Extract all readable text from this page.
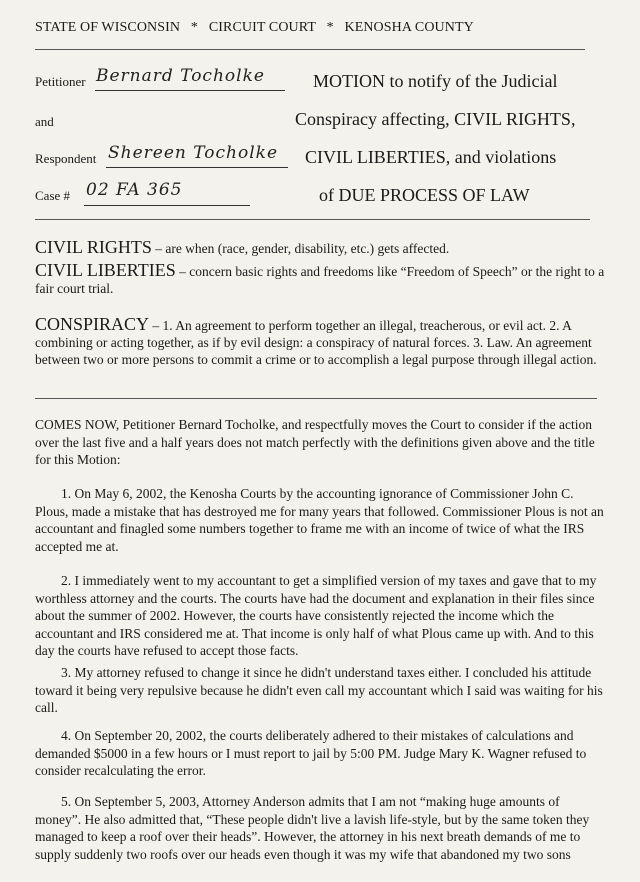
STATE OF WISCONSIN * CIRCUIT COURT * KENOSHA COUNTY
Petitioner Bernard Tocholke
and
Respondent Shereen Tocholke
Case # 02 FA 365
MOTION to notify of the Judicial
Conspiracy affecting, CIVIL RIGHTS,
CIVIL LIBERTIES, and violations
of DUE PROCESS OF LAW
CIVIL RIGHTS – are when (race, gender, disability, etc.) gets affected.
CIVIL LIBERTIES – concern basic rights and freedoms like “Freedom of Speech” or the right to a fair court trial.
CONSPIRACY – 1. An agreement to perform together an illegal, treacherous, or evil act. 2. A combining or acting together, as if by evil design: a conspiracy of natural forces. 3. Law. An agreement between two or more persons to commit a crime or to accomplish a legal purpose through illegal action.
COMES NOW, Petitioner Bernard Tocholke, and respectfully moves the Court to consider if the action over the last five and a half years does not match perfectly with the definitions given above and the title for this Motion:
1. On May 6, 2002, the Kenosha Courts by the accounting ignorance of Commissioner John C. Plous, made a mistake that has destroyed me for many years that followed. Commissioner Plous is not an accountant and finagled some numbers together to frame me with an income of twice of what the IRS accepted me at.
2. I immediately went to my accountant to get a simplified version of my taxes and gave that to my worthless attorney and the courts. The courts have had the document and explanation in their files since about the summer of 2002. However, the courts have consistently rejected the income which the accountant and IRS considered me at. That income is only half of what Plous came up with. And to this day the courts have refused to accept those facts.
3. My attorney refused to change it since he didn't understand taxes either. I concluded his attitude toward it being very repulsive because he didn't even call my accountant which I said was waiting for his call.
4. On September 20, 2002, the courts deliberately adhered to their mistakes of calculations and demanded $5000 in a few hours or I must report to jail by 5:00 PM. Judge Mary K. Wagner refused to consider recalculating the error.
5. On September 5, 2003, Attorney Anderson admits that I am not “making huge amounts of money”. He also admitted that, “These people didn't live a lavish life-style, but by the same token they managed to keep a roof over their heads”. However, the attorney in his next breath demands of me to supply suddenly two roofs over our heads even though it was my wife that abandoned my two sons
